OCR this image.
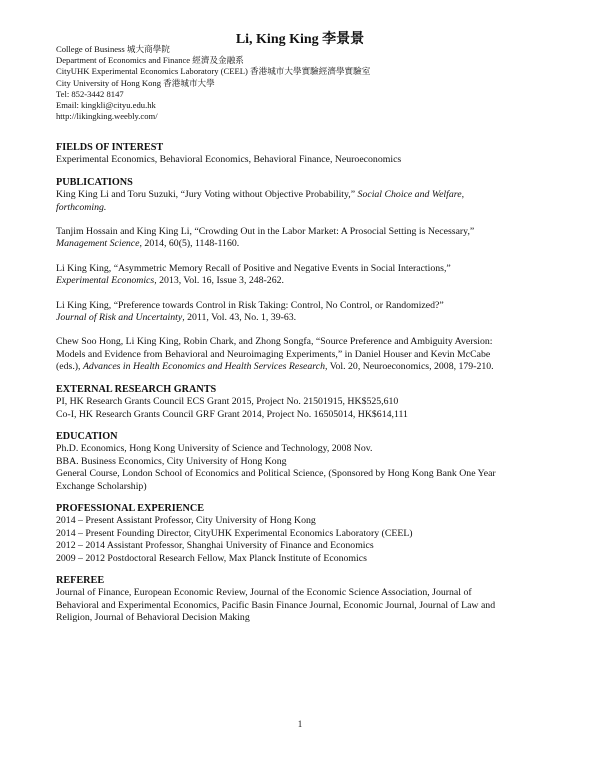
Li, King King 李景景
College of Business 城大商學院
Department of Economics and Finance 經濟及金融系
CityUHK Experimental Economics Laboratory (CEEL) 香港城市大學實驗經濟學實驗室
City University of Hong Kong 香港城市大學
Tel: 852-3442 8147
Email: kingkli@cityu.edu.hk
http://likingking.weebly.com/
FIELDS OF INTEREST
Experimental Economics, Behavioral Economics, Behavioral Finance, Neuroeconomics
PUBLICATIONS
King King Li and Toru Suzuki, “Jury Voting without Objective Probability,” Social Choice and Welfare,
forthcoming.
Tanjim Hossain and King King Li, “Crowding Out in the Labor Market: A Prosocial Setting is Necessary,”
Management Science, 2014, 60(5), 1148-1160.
Li King King, “Asymmetric Memory Recall of Positive and Negative Events in Social Interactions,”
Experimental Economics, 2013, Vol. 16, Issue 3, 248-262.
Li King King, “Preference towards Control in Risk Taking: Control, No Control, or Randomized?”
Journal of Risk and Uncertainty, 2011, Vol. 43, No. 1, 39-63.
Chew Soo Hong, Li King King, Robin Chark, and Zhong Songfa, “Source Preference and Ambiguity Aversion:
Models and Evidence from Behavioral and Neuroimaging Experiments,” in Daniel Houser and Kevin McCabe
(eds.), Advances in Health Economics and Health Services Research, Vol. 20, Neuroeconomics, 2008, 179-210.
EXTERNAL RESEARCH GRANTS
PI, HK Research Grants Council ECS Grant 2015, Project No. 21501915, HK$525,610
Co-I, HK Research Grants Council GRF Grant 2014, Project No. 16505014, HK$614,111
EDUCATION
Ph.D. Economics, Hong Kong University of Science and Technology, 2008 Nov.
BBA. Business Economics, City University of Hong Kong
General Course, London School of Economics and Political Science, (Sponsored by Hong Kong Bank One Year
Exchange Scholarship)
PROFESSIONAL EXPERIENCE
2014 – Present Assistant Professor, City University of Hong Kong
2014 – Present Founding Director, CityUHK Experimental Economics Laboratory (CEEL)
2012 – 2014 Assistant Professor, Shanghai University of Finance and Economics
2009 – 2012 Postdoctoral Research Fellow, Max Planck Institute of Economics
REFEREE
Journal of Finance, European Economic Review, Journal of the Economic Science Association, Journal of
Behavioral and Experimental Economics, Pacific Basin Finance Journal, Economic Journal, Journal of Law and
Religion, Journal of Behavioral Decision Making
1
